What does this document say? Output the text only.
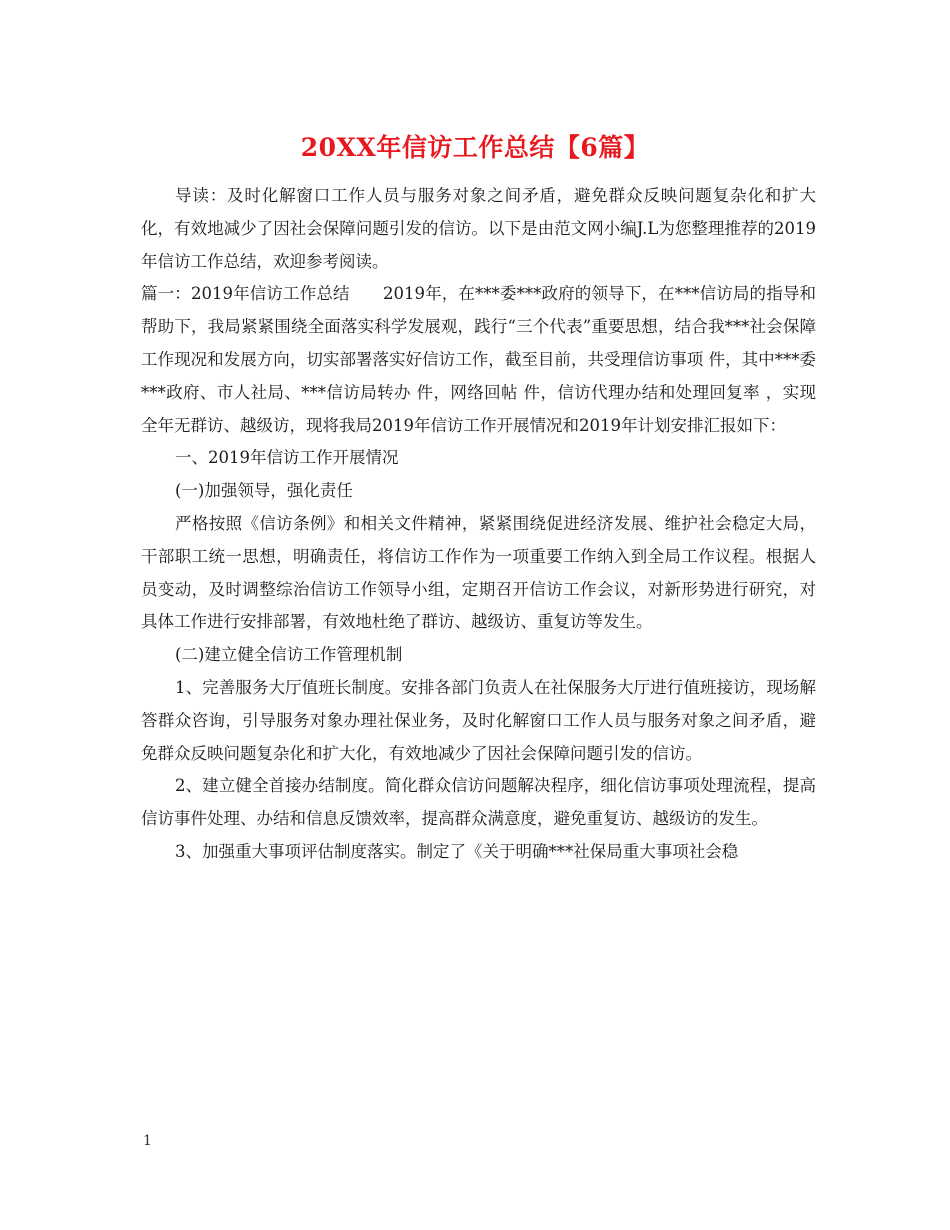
20XX年信访工作总结【6篇】

导读：及时化解窗口工作人员与服务对象之间矛盾，避免群众反映问题复杂化和扩大化，有效地减少了因社会保障问题引发的信访。以下是由范文网小编J.L为您整理推荐的2019年信访工作总结，欢迎参考阅读。

篇一：2019年信访工作总结　　2019年，在***委***政府的领导下，在***信访局的指导和帮助下，我局紧紧围绕全面落实科学发展观，践行“三个代表”重要思想，结合我***社会保障工作现况和发展方向，切实部署落实好信访工作，截至目前，共受理信访事项 件，其中***委***政府、市人社局、***信访局转办 件，网络回帖 件，信访代理办结和处理回复率 ，实现全年无群访、越级访，现将我局2019年信访工作开展情况和2019年计划安排汇报如下：

一、2019年信访工作开展情况

(一)加强领导，强化责任

严格按照《信访条例》和相关文件精神，紧紧围绕促进经济发展、维护社会稳定大局，干部职工统一思想，明确责任，将信访工作作为一项重要工作纳入到全局工作议程。根据人员变动，及时调整综治信访工作领导小组，定期召开信访工作会议，对新形势进行研究，对具体工作进行安排部署，有效地杜绝了群访、越级访、重复访等发生。

(二)建立健全信访工作管理机制

1、完善服务大厅值班长制度。安排各部门负责人在社保服务大厅进行值班接访，现场解答群众咨询，引导服务对象办理社保业务，及时化解窗口工作人员与服务对象之间矛盾，避免群众反映问题复杂化和扩大化，有效地减少了因社会保障问题引发的信访。

2、建立健全首接办结制度。简化群众信访问题解决程序，细化信访事项处理流程，提高信访事件处理、办结和信息反馈效率，提高群众满意度，避免重复访、越级访的发生。

3、加强重大事项评估制度落实。制定了《关于明确***社保局重大事项社会稳

1
